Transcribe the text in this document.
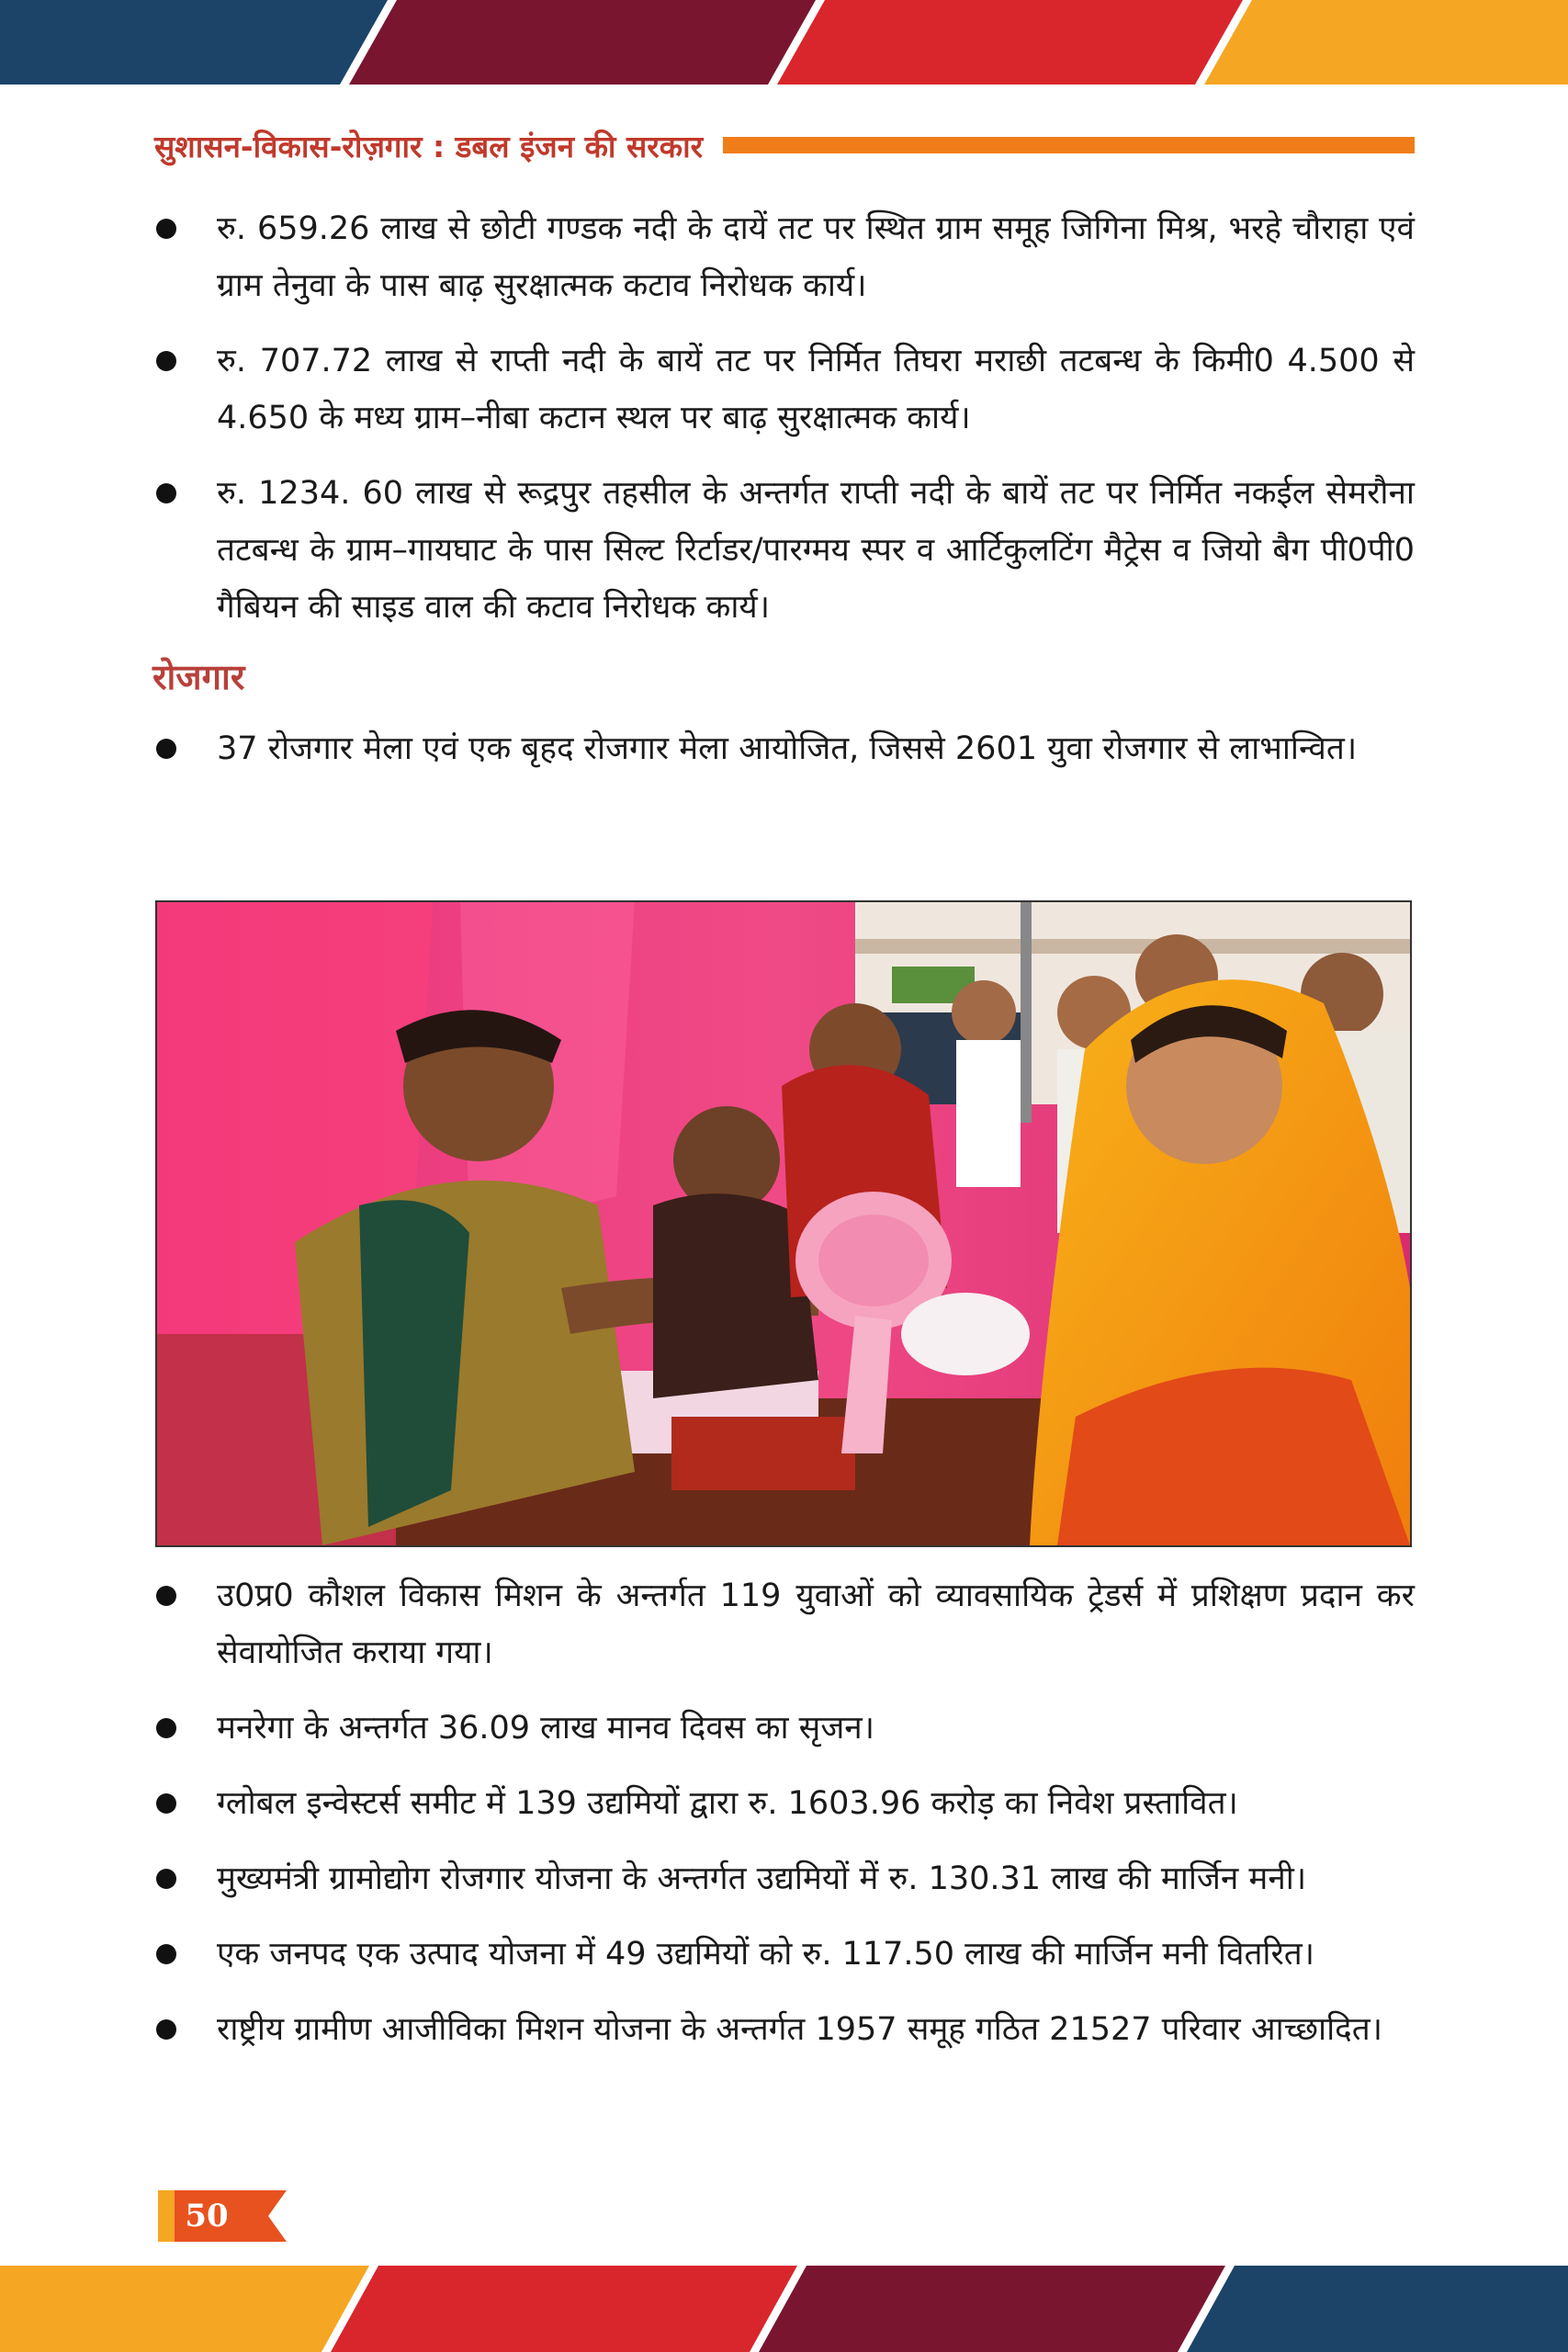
सुशासन-विकास-रोज़गार : डबल इंजन की सरकार
रु. 659.26 लाख से छोटी गण्डक नदी के दायें तट पर स्थित ग्राम समूह जिगिना मिश्र, भरहे चौराहा एवं ग्राम तेनुवा के पास बाढ़ सुरक्षात्मक कटाव निरोधक कार्य।
रु. 707.72 लाख से राप्ती नदी के बायें तट पर निर्मित तिघरा मराछी तटबन्ध के किमी0 4.500 से 4.650 के मध्य ग्राम–नीबा कटान स्थल पर बाढ़ सुरक्षात्मक कार्य।
रु. 1234. 60 लाख से रूद्रपुर तहसील के अन्तर्गत राप्ती नदी के बायें तट पर निर्मित नकईल सेमरौना तटबन्ध के ग्राम–गायघाट के पास सिल्ट रिर्टाडर/पारग्मय स्पर व आर्टिकुलटिंग मैट्रेस व जियो बैग पी0पी0 गैबियन की साइड वाल की कटाव निरोधक कार्य।
रोजगार
37 रोजगार मेला एवं एक बृहद रोजगार मेला आयोजित, जिससे 2601 युवा रोजगार से लाभान्वित।
उ0प्र0 कौशल विकास मिशन के अन्तर्गत 119 युवाओं को व्यावसायिक ट्रेडर्स में प्रशिक्षण प्रदान कर सेवायोजित कराया गया।
मनरेगा के अन्तर्गत 36.09 लाख मानव दिवस का सृजन।
ग्लोबल इन्वेस्टर्स समीट में 139 उद्यमियों द्वारा रु. 1603.96 करोड़ का निवेश प्रस्तावित।
मुख्यमंत्री ग्रामोद्योग रोजगार योजना के अन्तर्गत उद्यमियों में रु. 130.31 लाख की मार्जिन मनी।
एक जनपद एक उत्पाद योजना में 49 उद्यमियों को रु. 117.50 लाख की मार्जिन मनी वितरित।
राष्ट्रीय ग्रामीण आजीविका मिशन योजना के अन्तर्गत 1957 समूह गठित 21527 परिवार आच्छादित।
50
